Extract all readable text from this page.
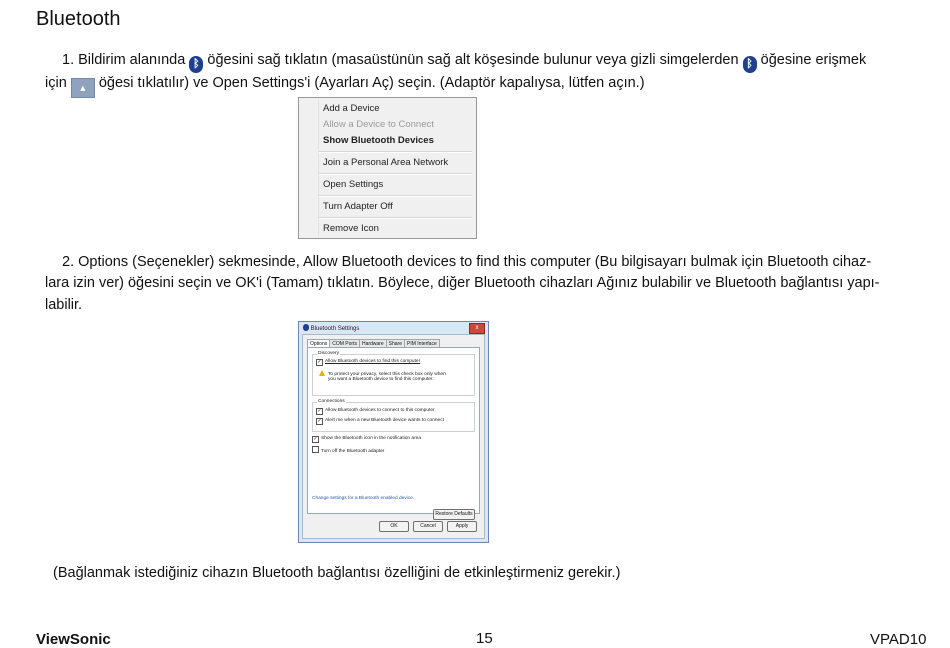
Bluetooth
1. Bildirim alanında ᛒ öğesini sağ tıklatın (masaüstünün sağ alt köşesinde bulunur veya gizli simgelerden ᛒ öğesine erişmek
için ▲ öğesi tıklatılır) ve Open Settings'i (Ayarları Aç) seçin. (Adaptör kapalıysa, lütfen açın.)
Add a Device
Allow a Device to Connect
Show Bluetooth Devices
Join a Personal Area Network
Open Settings
Turn Adapter Off
Remove Icon
2. Options (Seçenekler) sekmesinde, Allow Bluetooth devices to find this computer (Bu bilgisayarı bulmak için Bluetooth cihaz-
lara izin ver) öğesini seçin ve OK'i (Tamam) tıklatın. Böylece, diğer Bluetooth cihazları Ağınız bulabilir ve Bluetooth bağlantısı yapı-
labilir.
Bluetooth Settings	x
Options COM Ports Hardware Share PIM Interface
Discovery
✓ Allow Bluetooth devices to find this computer
To protect your privacy, select this check box only when
you want a Bluetooth device to find this computer.
Connections
✓ Allow Bluetooth devices to connect to this computer
✓ Alert me when a new Bluetooth device wants to connect
✓ Show the Bluetooth icon in the notification area
Turn off the Bluetooth adapter
Change settings for a Bluetooth enabled device.
Restore Defaults
OK	Cancel	Apply
(Bağlanmak istediğiniz cihazın Bluetooth bağlantısı özelliğini de etkinleştirmeniz gerekir.)
ViewSonic	15	VPAD10
